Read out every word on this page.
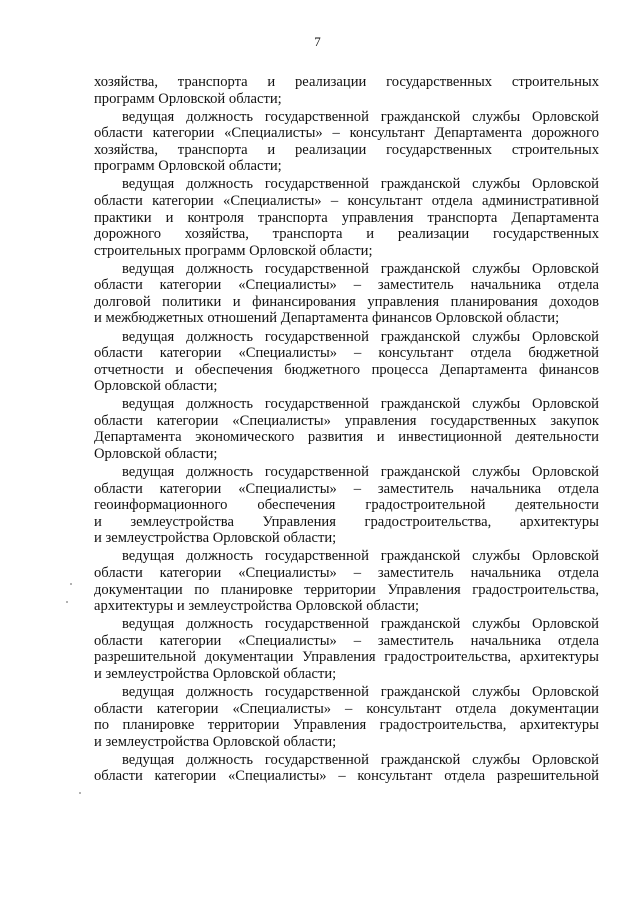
7
хозяйства, транспорта и реализации государственных строительных
программ Орловской области;
ведущая должность государственной гражданской службы Орловской
области категории «Специалисты» – консультант Департамента дорожного
хозяйства, транспорта и реализации государственных строительных
программ Орловской области;
ведущая должность государственной гражданской службы Орловской
области категории «Специалисты» – консультант отдела административной
практики и контроля транспорта управления транспорта Департамента
дорожного хозяйства, транспорта и реализации государственных
строительных программ Орловской области;
ведущая должность государственной гражданской службы Орловской
области категории «Специалисты» – заместитель начальника отдела
долговой политики и финансирования управления планирования доходов
и межбюджетных отношений Департамента финансов Орловской области;
ведущая должность государственной гражданской службы Орловской
области категории «Специалисты» – консультант отдела бюджетной
отчетности и обеспечения бюджетного процесса Департамента финансов
Орловской области;
ведущая должность государственной гражданской службы Орловской
области категории «Специалисты» управления государственных закупок
Департамента экономического развития и инвестиционной деятельности
Орловской области;
ведущая должность государственной гражданской службы Орловской
области категории «Специалисты» – заместитель начальника отдела
геоинформационного обеспечения градостроительной деятельности
и землеустройства Управления градостроительства, архитектуры
и землеустройства Орловской области;
ведущая должность государственной гражданской службы Орловской
области категории «Специалисты» – заместитель начальника отдела
документации по планировке территории Управления градостроительства,
архитектуры и землеустройства Орловской области;
ведущая должность государственной гражданской службы Орловской
области категории «Специалисты» – заместитель начальника отдела
разрешительной документации Управления градостроительства, архитектуры
и землеустройства Орловской области;
ведущая должность государственной гражданской службы Орловской
области категории «Специалисты» – консультант отдела документации
по планировке территории Управления градостроительства, архитектуры
и землеустройства Орловской области;
ведущая должность государственной гражданской службы Орловской
области категории «Специалисты» – консультант отдела разрешительной
